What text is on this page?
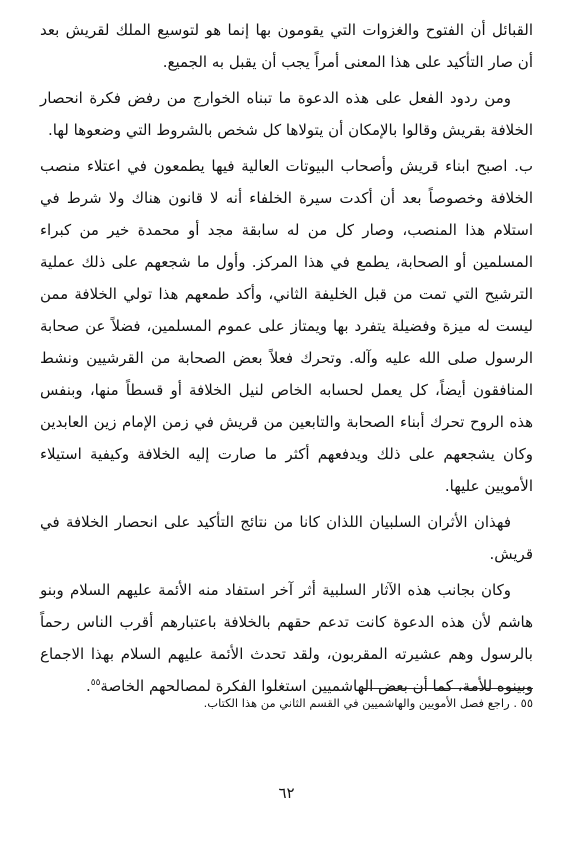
القبائل أن الفتوح والغزوات التي يقومون بها إنما هو لتوسيع الملك لقريش بعد أن صار التأكيد على هذا المعنى أمراً يجب أن يقبل به الجميع.

ومن ردود الفعل على هذه الدعوة ما تبناه الخوارج من رفض فكرة انحصار الخلافة بقريش وقالوا بالإمكان أن يتولاها كل شخص بالشروط التي وضعوها لها.

ب. اصبح ابناء قريش وأصحاب البيوتات العالية فيها يطمعون في اعتلاء منصب الخلافة وخصوصاً بعد أن أكدت سيرة الخلفاء أنه لا قانون هناك ولا شرط في استلام هذا المنصب، وصار كل من له سابقة مجد أو محمدة خير من كبراء المسلمين أو الصحابة، يطمع في هذا المركز. وأول ما شجعهم على ذلك عملية الترشيح التي تمت من قبل الخليفة الثاني، وأكد طمعهم هذا تولي الخلافة ممن ليست له ميزة وفضيلة يتفرد بها ويمتاز على عموم المسلمين، فضلاً عن صحابة الرسول صلى الله عليه وآله. وتحرك فعلاً بعض الصحابة من القرشيين ونشط المنافقون أيضاً، كل يعمل لحسابه الخاص لنيل الخلافة أو قسطاً منها، وبنفس هذه الروح تحرك أبناء الصحابة والتابعين من قريش في زمن الإمام زين العابدين وكان يشجعهم على ذلك ويدفعهم أكثر ما صارت إليه الخلافة وكيفية استيلاء الأمويين عليها.

فهذان الأثران السلبيان اللذان كانا من نتائج التأكيد على انحصار الخلافة في قريش.

وكان بجانب هذه الآثار السلبية أثر آخر استفاد منه الأئمة عليهم السلام وبنو هاشم لأن هذه الدعوة كانت تدعم حقهم بالخلافة باعتبارهم أقرب الناس رحماً بالرسول وهم عشيرته المقربون، ولقد تحدث الأئمة عليهم السلام بهذا الاجماع وبينوه للأمة، كما أن بعض الهاشميين استغلوا الفكرة لمصالحهم الخاصة$^{٥٥}$.

٥٥ . راجع فصل الأمويين والهاشميين في القسم الثاني من هذا الكتاب.
٦٢
